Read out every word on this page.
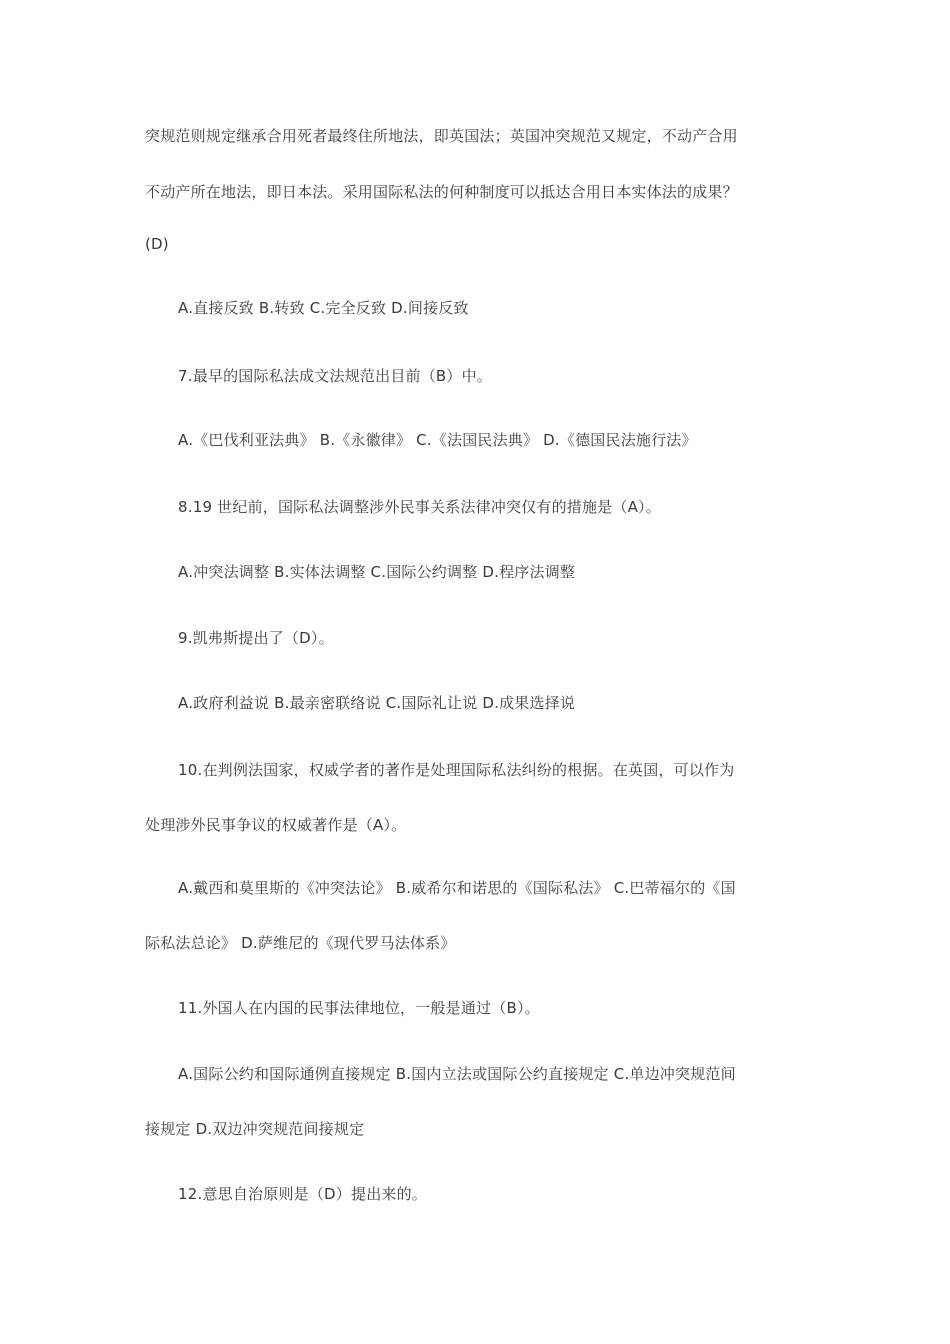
突规范则规定继承合用死者最终住所地法，即英国法；英国冲突规范又规定，不动产合用
不动产所在地法，即日本法。采用国际私法的何种制度可以抵达合用日本实体法的成果？
(D)
A.直接反致 B.转致 C.完全反致 D.间接反致
7.最早的国际私法成文法规范出目前（B）中。
A.《巴伐利亚法典》 B.《永徽律》 C.《法国民法典》 D.《德国民法施行法》
8.19 世纪前，国际私法调整涉外民事关系法律冲突仅有的措施是（A）。
A.冲突法调整 B.实体法调整 C.国际公约调整 D.程序法调整
9.凯弗斯提出了（D）。
A.政府利益说 B.最亲密联络说 C.国际礼让说 D.成果选择说
10.在判例法国家，权威学者的著作是处理国际私法纠纷的根据。在英国，可以作为
处理涉外民事争议的权威著作是（A）。
A.戴西和莫里斯的《冲突法论》 B.威希尔和诺思的《国际私法》 C.巴蒂福尔的《国
际私法总论》 D.萨维尼的《现代罗马法体系》
11.外国人在内国的民事法律地位，一般是通过（B）。
A.国际公约和国际通例直接规定 B.国内立法或国际公约直接规定 C.单边冲突规范间
接规定 D.双边冲突规范间接规定
12.意思自治原则是（D）提出来的。
